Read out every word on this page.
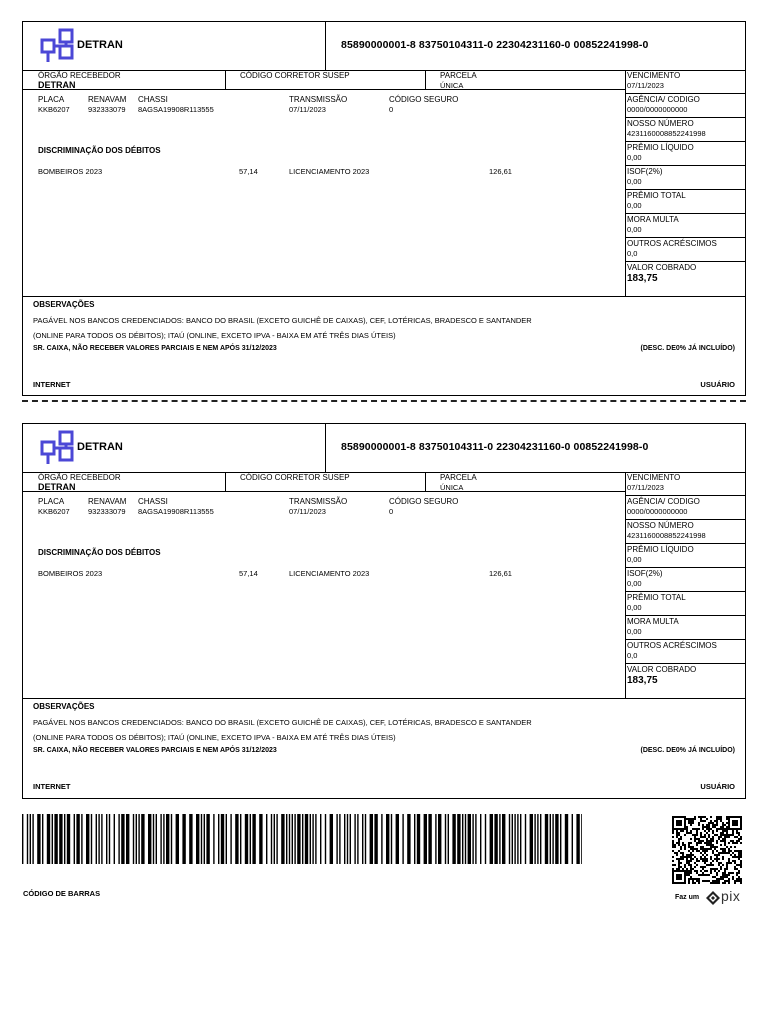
DETRAN	85890000001-8 83750104311-0 22304231160-0 00852241998-0
ÓRGÃO RECEBEDOR
DETRAN
CÓDIGO CORRETOR SUSEP	PARCELA
ÚNICA
PLACA
KKB6207
RENAVAM
932333079
CHASSI
8AGSA19908R113555
TRANSMISSÃO
07/11/2023
CÓDIGO SEGURO
0
DISCRIMINAÇÃO DOS DÉBITOS
BOMBEIROS 2023	57,14	LICENCIAMENTO 2023	126,61
VENCIMENTO
07/11/2023
AGÊNCIA/ CODIGO
0000/0000000000
NOSSO NÚMERO
4231160008852241998
PRÊMIO LÍQUIDO
0,00
ISOF(2%)
0,00
PRÊMIO TOTAL
0,00
MORA MULTA
0,00
OUTROS ACRÉSCIMOS
0,0
VALOR COBRADO
183,75
OBSERVAÇÕES
PAGÁVEL NOS BANCOS CREDENCIADOS: BANCO DO BRASIL (EXCETO GUICHÊ DE CAIXAS), CEF, LOTÉRICAS, BRADESCO E SANTANDER
(ONLINE PARA TODOS OS DÉBITOS); ITAÚ (ONLINE, EXCETO IPVA - BAIXA EM ATÉ TRÊS DIAS ÚTEIS)
SR. CAIXA, NÃO RECEBER VALORES PARCIAIS E NEM APÓS 31/12/2023	(DESC. DE0% JÁ INCLUÍDO)
INTERNET	USUÁRIO
DETRAN	85890000001-8 83750104311-0 22304231160-0 00852241998-0
ÓRGÃO RECEBEDOR
DETRAN
CÓDIGO CORRETOR SUSEP	PARCELA
ÚNICA
PLACA
KKB6207
RENAVAM
932333079
CHASSI
8AGSA19908R113555
TRANSMISSÃO
07/11/2023
CÓDIGO SEGURO
0
DISCRIMINAÇÃO DOS DÉBITOS
BOMBEIROS 2023	57,14	LICENCIAMENTO 2023	126,61
VENCIMENTO
07/11/2023
AGÊNCIA/ CODIGO
0000/0000000000
NOSSO NÚMERO
4231160008852241998
PRÊMIO LÍQUIDO
0,00
ISOF(2%)
0,00
PRÊMIO TOTAL
0,00
MORA MULTA
0,00
OUTROS ACRÉSCIMOS
0,0
VALOR COBRADO
183,75
OBSERVAÇÕES
PAGÁVEL NOS BANCOS CREDENCIADOS: BANCO DO BRASIL (EXCETO GUICHÊ DE CAIXAS), CEF, LOTÉRICAS, BRADESCO E SANTANDER
(ONLINE PARA TODOS OS DÉBITOS); ITAÚ (ONLINE, EXCETO IPVA - BAIXA EM ATÉ TRÊS DIAS ÚTEIS)
SR. CAIXA, NÃO RECEBER VALORES PARCIAIS E NEM APÓS 31/12/2023	(DESC. DE0% JÁ INCLUÍDO)
INTERNET	USUÁRIO
CÓDIGO DE BARRAS	Faz um pix
